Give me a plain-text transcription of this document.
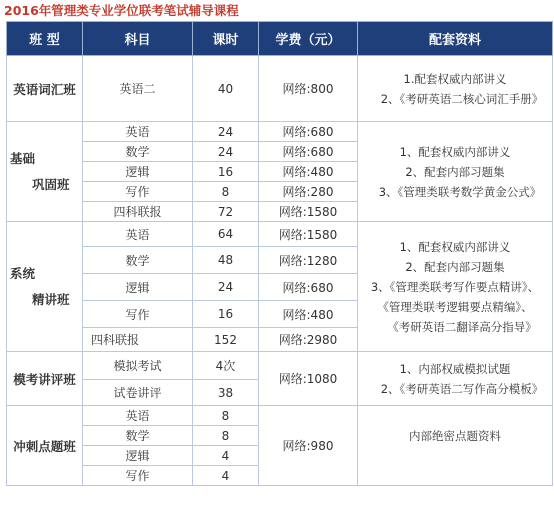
2016年管理类专业学位联考笔试辅导课程
班 型	科目	课时	学费（元）	配套资料
英语词汇班	英语二	40	网络:800	1.配套权威内部讲义
2、《考研英语二核心词汇手册》

基础
巩固班	英语	24	网络:680	1、配套权威内部讲义
2、配套内部习题集
3、《管理类联考数学黄金公式》

	数学	24	网络:680	
	逻辑	16	网络:480	
	写作	8	网络:280	
	四科联报	72	网络:1580	

系统
精讲班	英语	64	网络:1580	1、配套权威内部讲义
2、配套内部习题集
3、《管理类联考写作要点精讲》、
《管理类联考逻辑要点精编》、
《考研英语二翻译高分指导》

	数学	48	网络:1280	
	逻辑	24	网络:680	
	写作	16	网络:480	
	四科联报	152	网络:2980	
模考讲评班	模拟考试	4次	网络:1080	1、内部权威模拟试题
2、《考研英语二写作高分模板》

	试卷讲评	38		
冲刺点题班	英语	8	网络:980	内部绝密点题资料

	数学	8		
	逻辑	4		
	写作	4		
